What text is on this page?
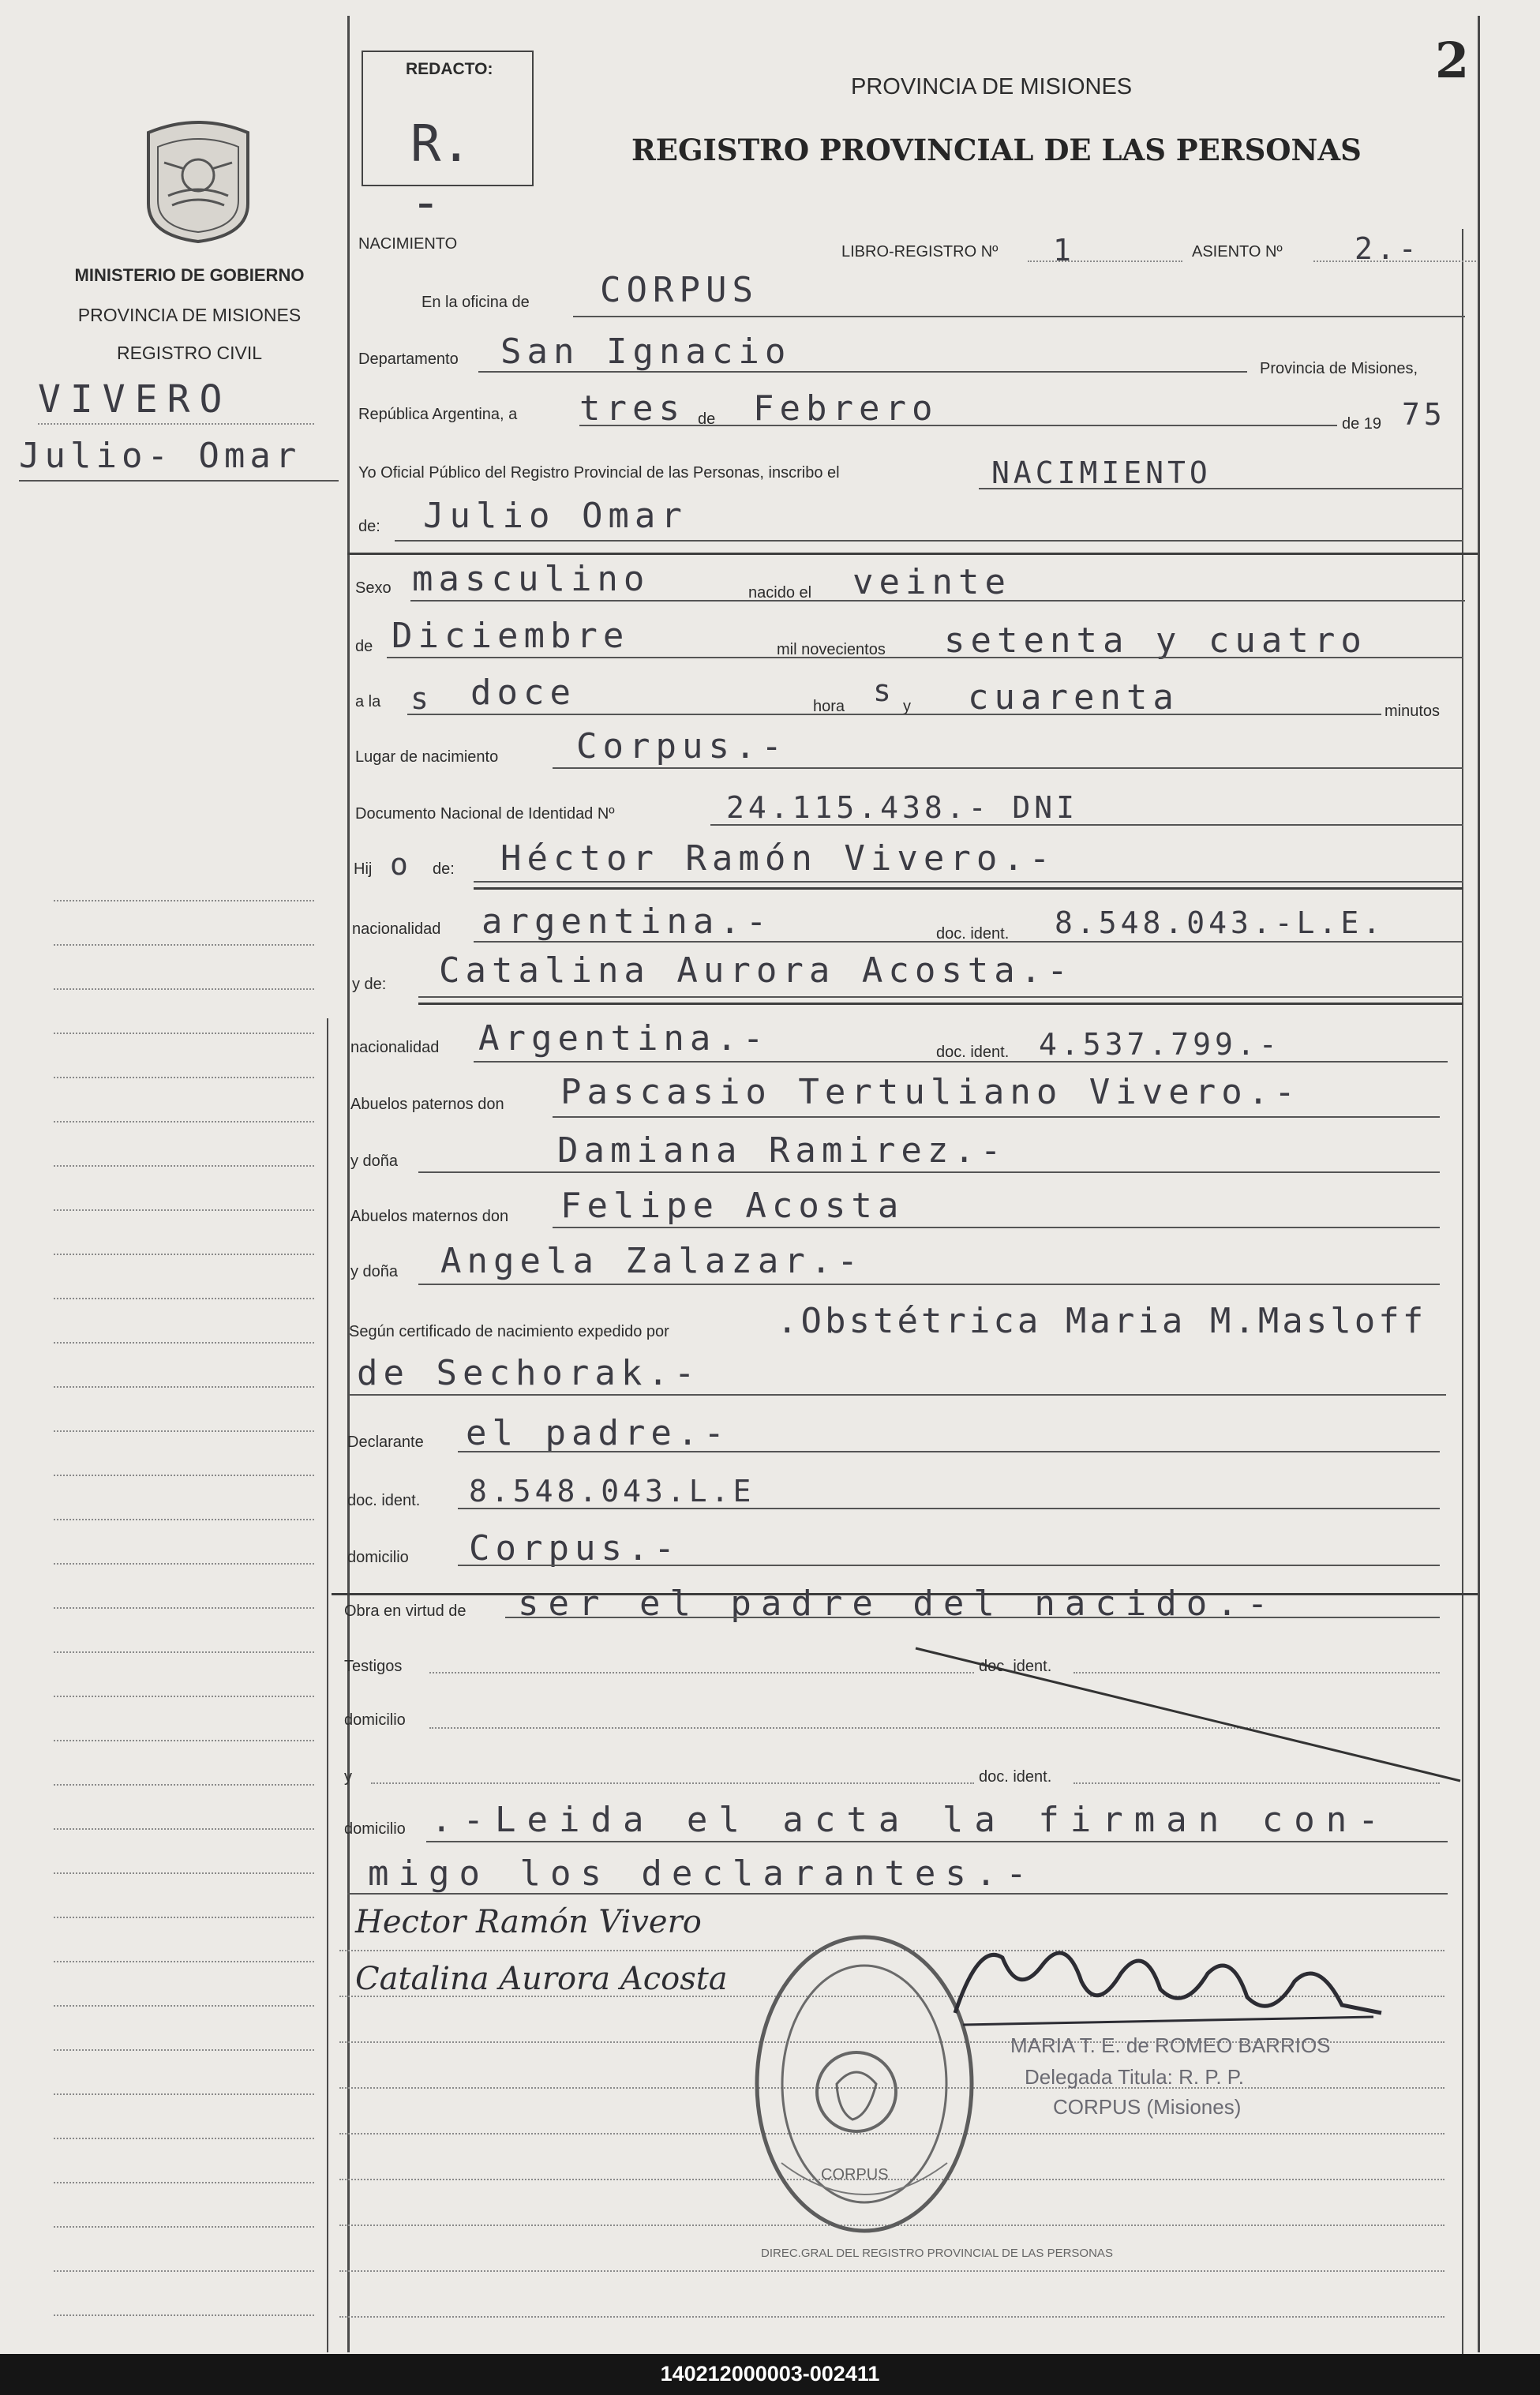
2
REDACTO:
R. -
PROVINCIA DE MISIONES
REGISTRO PROVINCIAL DE LAS PERSONAS
MINISTERIO DE GOBIERNO
PROVINCIA DE MISIONES
REGISTRO CIVIL
VIVERO
Julio- Omar
NACIMIENTO	LIBRO-REGISTRO Nº 1	ASIENTO Nº 2.-
En la oficina de CORPUS
Departamento San Ignacio	Provincia de Misiones,
República Argentina, a tres de Febrero	de 19 75
Yo Oficial Público del Registro Provincial de las Personas, inscribo el	NACIMIENTO
de: Julio Omar
Sexo masculino	nacido el veinte
de Diciembre	mil novecientos setenta y cuatro
a la s doce	hora s y cuarenta	minutos
Lugar de nacimiento Corpus.-
Documento Nacional de Identidad Nº	24.115.438.- DNI
Hij o de: Héctor Ramón Vivero.-
nacionalidad argentina.-	doc. ident. 8.548.043.-L.E.
y de: Catalina Aurora Acosta.-
nacionalidad Argentina.-	doc. ident. 4.537.799.-
Abuelos paternos don Pascasio Tertuliano Vivero.-
y doña	Damiana Ramirez.-
Abuelos maternos don Felipe Acosta
y doña Angela Zalazar.-
Según certificado de nacimiento expedido por	.Obstétrica Maria M.Masloff
de Sechorak.-
Declarante el padre.-
doc. ident. 8.548.043.L.E
domicilio Corpus.-
Obra en virtud de ser el padre del nacido.-
Testigos	doc. ident.
domicilio
y	doc. ident.
domicilio .-Leida el acta la firman con-
migo los declarantes.-
Hector Ramón Vivero
Catalina Aurora Acosta
DIREC.GRAL DEL REGISTRO PROVINCIAL DE LAS PERSONAS
CORPUS
MARIA T. E. de ROMEO BARRIOS
Delegada Titula: R. P. P.
CORPUS (Misiones)
140212000003-002411
